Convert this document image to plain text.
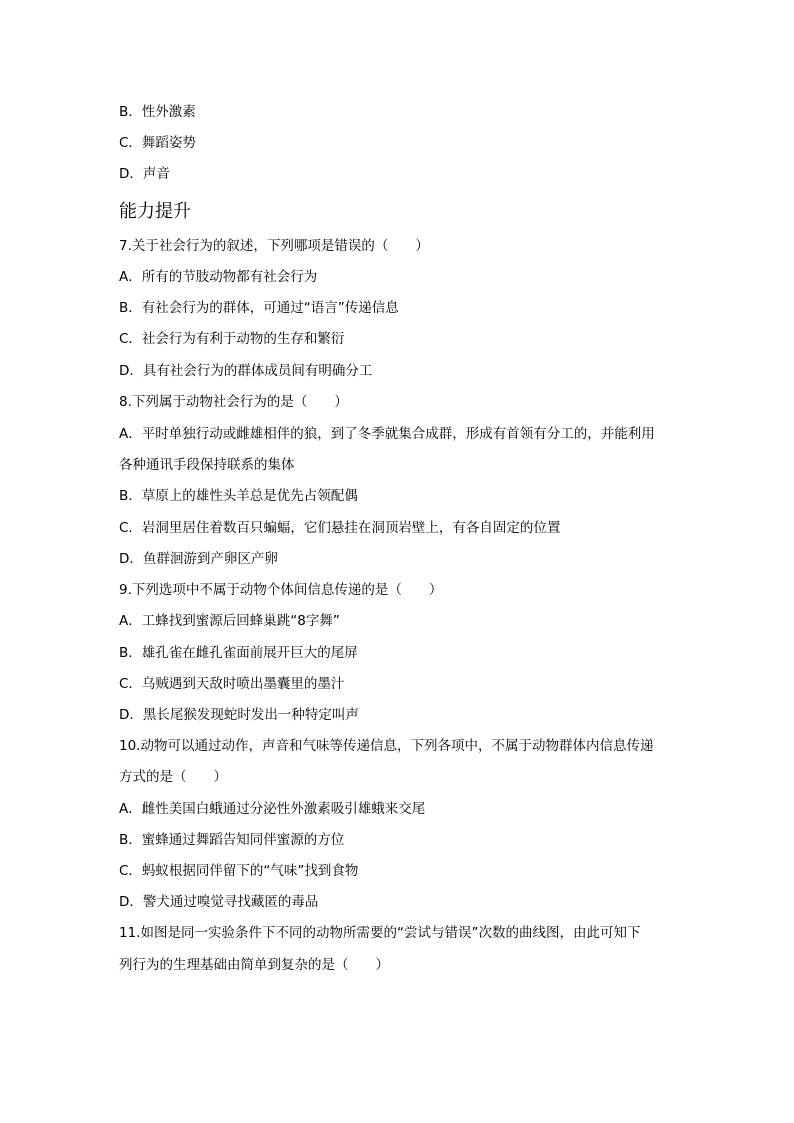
B．性外激素
C．舞蹈姿势
D．声音
能力提升
7.关于社会行为的叙述，下列哪项是错误的（　　）
A．所有的节肢动物都有社会行为
B．有社会行为的群体，可通过“语言”传递信息
C．社会行为有利于动物的生存和繁衍
D．具有社会行为的群体成员间有明确分工
8.下列属于动物社会行为的是（　　）
A．平时单独行动或雌雄相伴的狼，到了冬季就集合成群，形成有首领有分工的，并能利用
各种通讯手段保持联系的集体
B．草原上的雄性头羊总是优先占领配偶
C．岩洞里居住着数百只蝙蝠，它们悬挂在洞顶岩壁上，有各自固定的位置
D．鱼群洄游到产卵区产卵
9.下列选项中不属于动物个体间信息传递的是（　　）
A．工蜂找到蜜源后回蜂巢跳“8字舞”
B．雄孔雀在雌孔雀面前展开巨大的尾屏
C．乌贼遇到天敌时喷出墨囊里的墨汁
D．黑长尾猴发现蛇时发出一种特定叫声
10.动物可以通过动作，声音和气味等传递信息，下列各项中，不属于动物群体内信息传递
方式的是（　　）
A．雌性美国白蛾通过分泌性外激素吸引雄蛾来交尾
B．蜜蜂通过舞蹈告知同伴蜜源的方位
C．蚂蚁根据同伴留下的“气味”找到食物
D．警犬通过嗅觉寻找藏匿的毒品
11.如图是同一实验条件下不同的动物所需要的“尝试与错误”次数的曲线图，由此可知下
列行为的生理基础由简单到复杂的是（　　）
